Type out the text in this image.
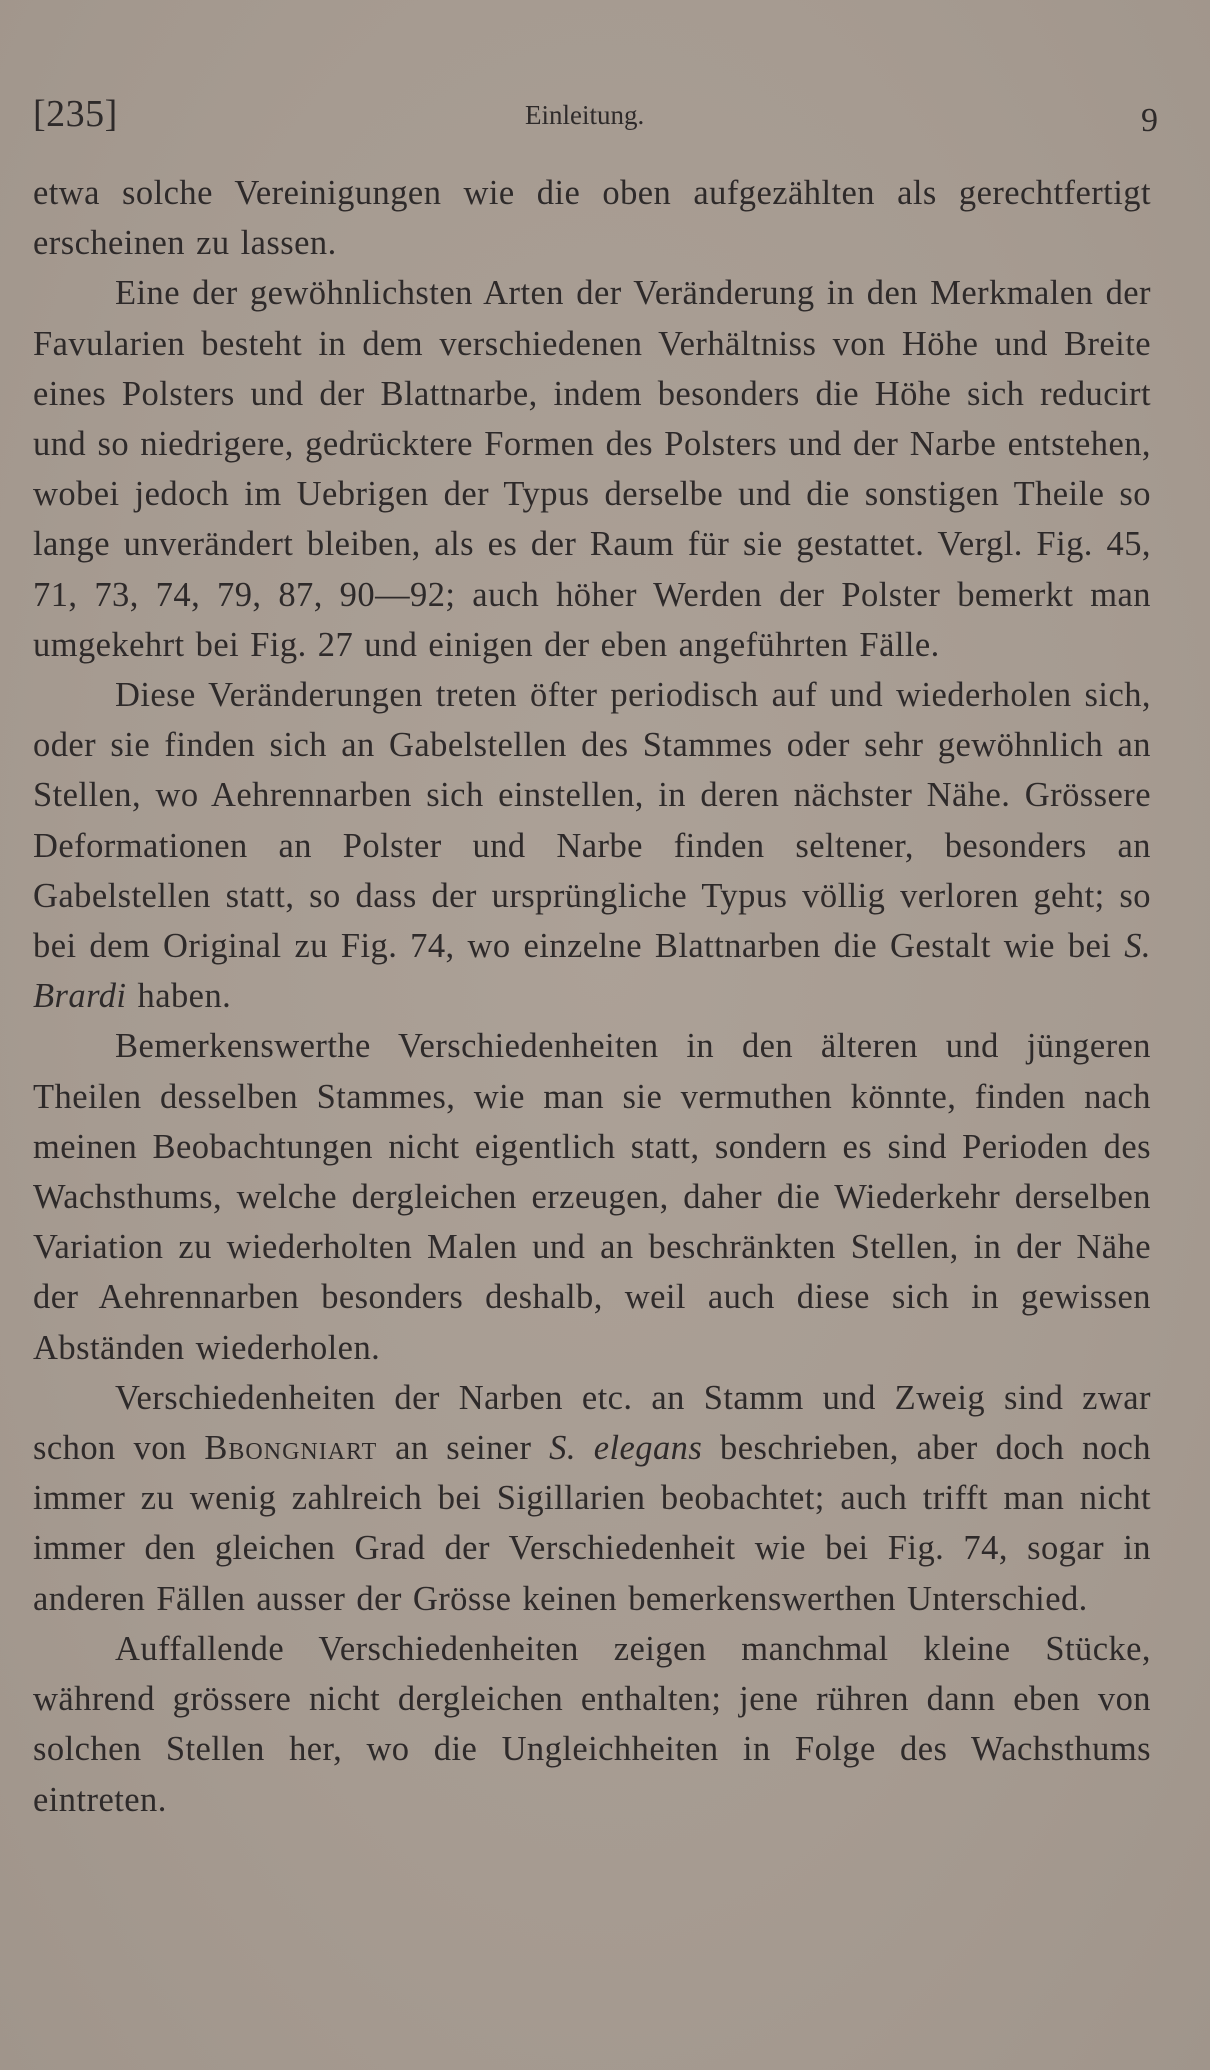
[235]	Einleitung.	9

etwa solche Vereinigungen wie die oben aufgezählten als gerechtfertigt erscheinen zu lassen.

Eine der gewöhnlichsten Arten der Veränderung in den Merkmalen der Favularien besteht in dem verschiedenen Verhältniss von Höhe und Breite eines Polsters und der Blattnarbe, indem besonders die Höhe sich reducirt und so niedrigere, gedrücktere Formen des Polsters und der Narbe entstehen, wobei jedoch im Uebrigen der Typus derselbe und die sonstigen Theile so lange unverändert bleiben, als es der Raum für sie gestattet. Vergl. Fig. 45, 71, 73, 74, 79, 87, 90—92; auch höher Werden der Polster bemerkt man umgekehrt bei Fig. 27 und einigen der eben angeführten Fälle.

Diese Veränderungen treten öfter periodisch auf und wiederholen sich, oder sie finden sich an Gabelstellen des Stammes oder sehr gewöhnlich an Stellen, wo Aehrennarben sich einstellen, in deren nächster Nähe. Grössere Deformationen an Polster und Narbe finden seltener, besonders an Gabelstellen statt, so dass der ursprüngliche Typus völlig verloren geht; so bei dem Original zu Fig. 74, wo einzelne Blattnarben die Gestalt wie bei S. Brardi haben.

Bemerkenswerthe Verschiedenheiten in den älteren und jüngeren Theilen desselben Stammes, wie man sie vermuthen könnte, finden nach meinen Beobachtungen nicht eigentlich statt, sondern es sind Perioden des Wachsthums, welche dergleichen erzeugen, daher die Wiederkehr derselben Variation zu wiederholten Malen und an beschränkten Stellen, in der Nähe der Aehrennarben besonders deshalb, weil auch diese sich in gewissen Abständen wiederholen.

Verschiedenheiten der Narben etc. an Stamm und Zweig sind zwar schon von Bbongniart an seiner S. elegans beschrieben, aber doch noch immer zu wenig zahlreich bei Sigillarien beobachtet; auch trifft man nicht immer den gleichen Grad der Verschiedenheit wie bei Fig. 74, sogar in anderen Fällen ausser der Grösse keinen bemerkenswerthen Unterschied.

Auffallende Verschiedenheiten zeigen manchmal kleine Stücke, während grössere nicht dergleichen enthalten; jene rühren dann eben von solchen Stellen her, wo die Ungleichheiten in Folge des Wachsthums eintreten.
